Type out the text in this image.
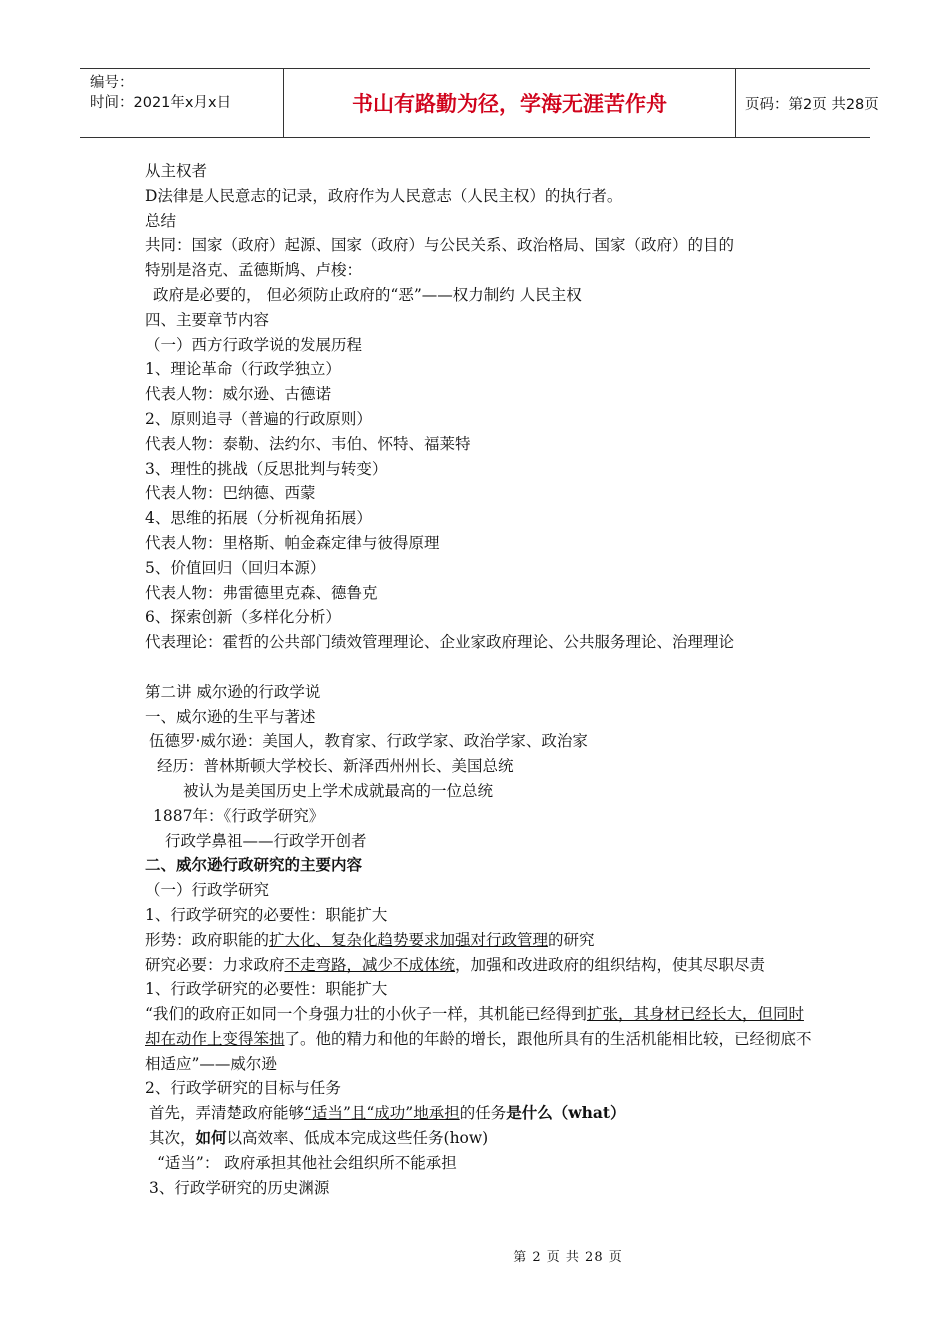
编号：
时间：2021年x月x日	书山有路勤为径，学海无涯苦作舟	页码：第2页 共28页
从主权者
D法律是人民意志的记录，政府作为人民意志（人民主权）的执行者。
总结
共同：国家（政府）起源、国家（政府）与公民关系、政治格局、国家（政府）的目的
特别是洛克、孟德斯鸠、卢梭：
政府是必要的， 但必须防止政府的“恶”——权力制约 人民主权
四、主要章节内容
（一）西方行政学说的发展历程
1、理论革命（行政学独立）
代表人物：威尔逊、古德诺
2、原则追寻（普遍的行政原则）
代表人物：泰勒、法约尔、韦伯、怀特、福莱特
3、理性的挑战（反思批判与转变）
代表人物：巴纳德、西蒙
4、思维的拓展（分析视角拓展）
代表人物：里格斯、帕金森定律与彼得原理
5、价值回归（回归本源）
代表人物：弗雷德里克森、德鲁克
6、探索创新（多样化分析）
代表理论：霍哲的公共部门绩效管理理论、企业家政府理论、公共服务理论、治理理论
第二讲 威尔逊的行政学说
一、威尔逊的生平与著述
伍德罗·威尔逊：美国人，教育家、行政学家、政治学家、政治家
经历：普林斯顿大学校长、新泽西州州长、美国总统
被认为是美国历史上学术成就最高的一位总统
1887年：《行政学研究》
行政学鼻祖——行政学开创者
二、威尔逊行政研究的主要内容
（一）行政学研究
1、行政学研究的必要性：职能扩大
形势：政府职能的扩大化、复杂化趋势要求加强对行政管理的研究
研究必要：力求政府不走弯路，减少不成体统，加强和改进政府的组织结构，使其尽职尽责
1、行政学研究的必要性：职能扩大
“我们的政府正如同一个身强力壮的小伙子一样，其机能已经得到扩张，其身材已经长大，但同时却在动作上变得笨拙了。他的精力和他的年龄的增长，跟他所具有的生活机能相比较，已经彻底不相适应”——威尔逊
2、行政学研究的目标与任务
首先，弄清楚政府能够“适当”且“成功”地承担的任务是什么（what）
其次，如何以高效率、低成本完成这些任务(how)
“适当”： 政府承担其他社会组织所不能承担
3、行政学研究的历史渊源
第 2 页 共 28 页
